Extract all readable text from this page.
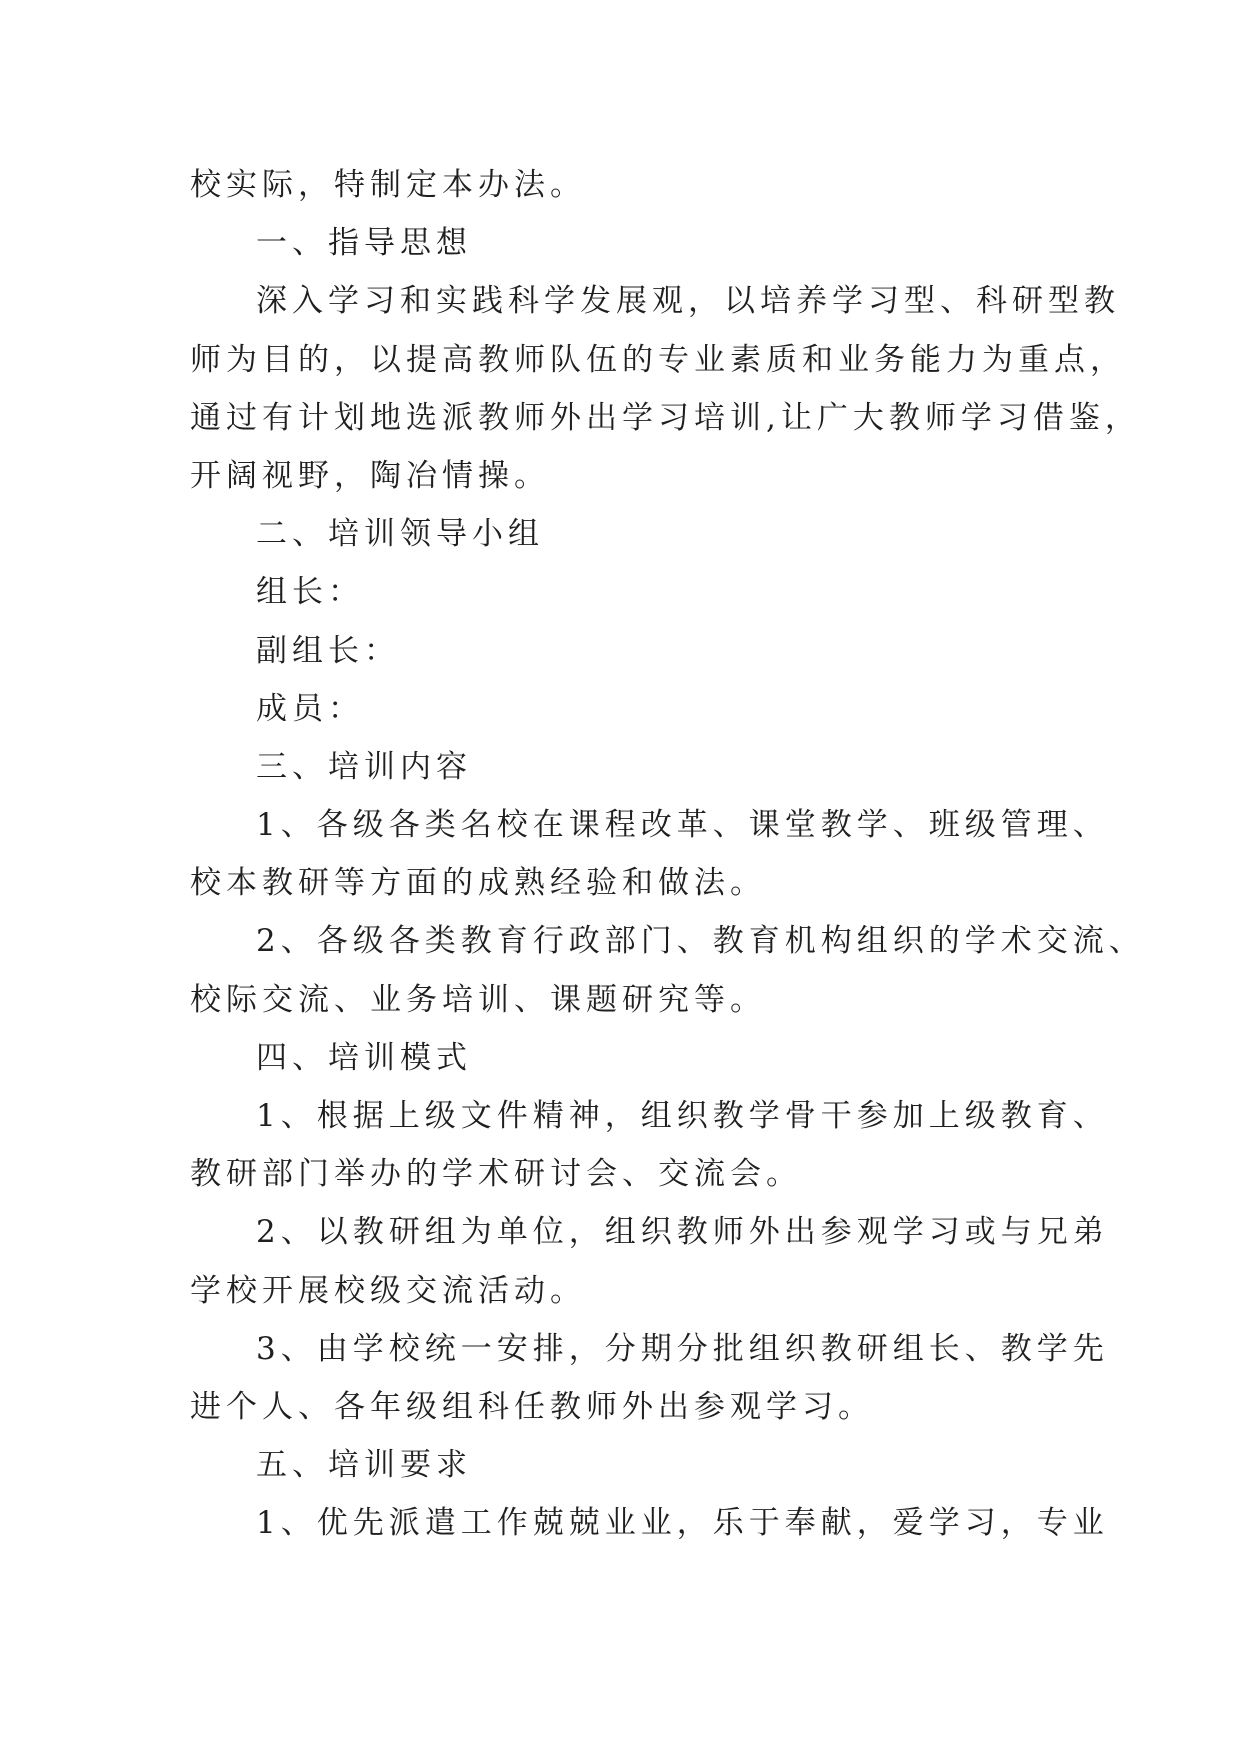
校实际，特制定本办法。
一、指导思想
深入学习和实践科学发展观，以培养学习型、科研型教
师为目的，以提高教师队伍的专业素质和业务能力为重点，
通过有计划地选派教师外出学习培训,让广大教师学习借鉴，
开阔视野，陶冶情操。
二、培训领导小组
组长：
副组长：
成员：
三、培训内容
1、各级各类名校在课程改革、课堂教学、班级管理、
校本教研等方面的成熟经验和做法。
2、各级各类教育行政部门、教育机构组织的学术交流、
校际交流、业务培训、课题研究等。
四、培训模式
1、根据上级文件精神，组织教学骨干参加上级教育、
教研部门举办的学术研讨会、交流会。
2、以教研组为单位，组织教师外出参观学习或与兄弟
学校开展校级交流活动。
3、由学校统一安排，分期分批组织教研组长、教学先
进个人、各年级组科任教师外出参观学习。
五、培训要求
1、优先派遣工作兢兢业业，乐于奉献，爱学习，专业
